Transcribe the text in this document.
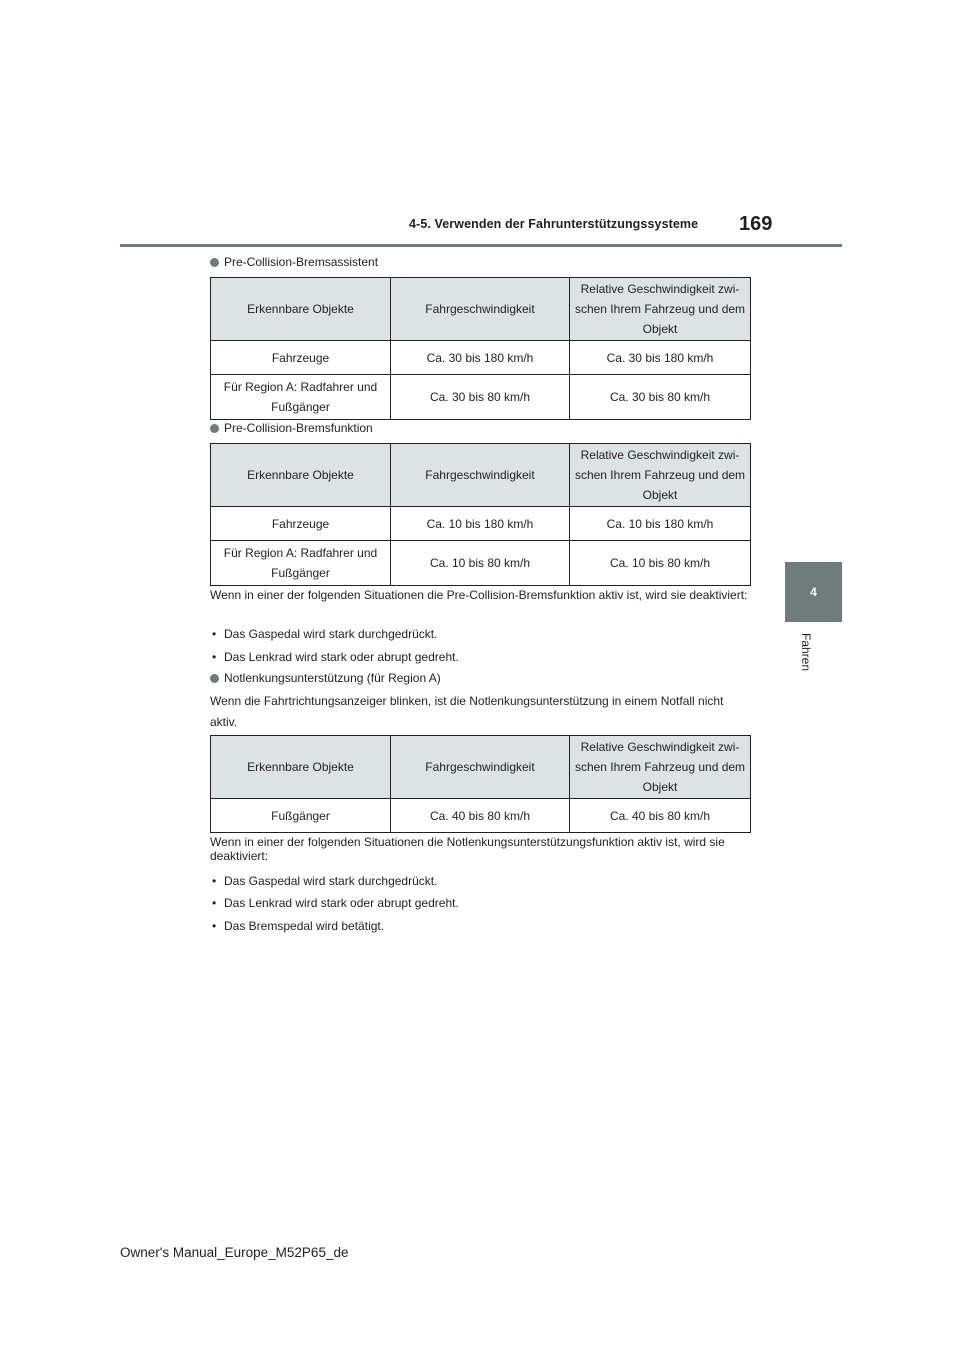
4-5. Verwenden der Fahrunterstützungssysteme 169
4
Fahren
Pre-Collision-Bremsassistent
Erkennbare Objekte	Fahrgeschwindigkeit	Relative Geschwindigkeit zwi-schen Ihrem Fahrzeug und dem Objekt
Fahrzeuge	Ca. 30 bis 180 km/h	Ca. 30 bis 180 km/h
Für Region A: Radfahrer und Fußgänger	Ca. 30 bis 80 km/h	Ca. 30 bis 80 km/h
Pre-Collision-Bremsfunktion
Erkennbare Objekte	Fahrgeschwindigkeit	Relative Geschwindigkeit zwi-schen Ihrem Fahrzeug und dem Objekt
Fahrzeuge	Ca. 10 bis 180 km/h	Ca. 10 bis 180 km/h
Für Region A: Radfahrer und Fußgänger	Ca. 10 bis 80 km/h	Ca. 10 bis 80 km/h
Wenn in einer der folgenden Situationen die Pre-Collision-Bremsfunktion aktiv ist, wird sie deaktiviert:
• Das Gaspedal wird stark durchgedrückt.
• Das Lenkrad wird stark oder abrupt gedreht.
Notlenkungsunterstützung (für Region A)
Wenn die Fahrtrichtungsanzeiger blinken, ist die Notlenkungsunterstützung in einem Notfall nicht aktiv.
Erkennbare Objekte	Fahrgeschwindigkeit	Relative Geschwindigkeit zwi-schen Ihrem Fahrzeug und dem Objekt
Fußgänger	Ca. 40 bis 80 km/h	Ca. 40 bis 80 km/h
Wenn in einer der folgenden Situationen die Notlenkungsunterstützungsfunktion aktiv ist, wird sie deaktiviert:
• Das Gaspedal wird stark durchgedrückt.
• Das Lenkrad wird stark oder abrupt gedreht.
• Das Bremspedal wird betätigt.
Owner's Manual_Europe_M52P65_de
